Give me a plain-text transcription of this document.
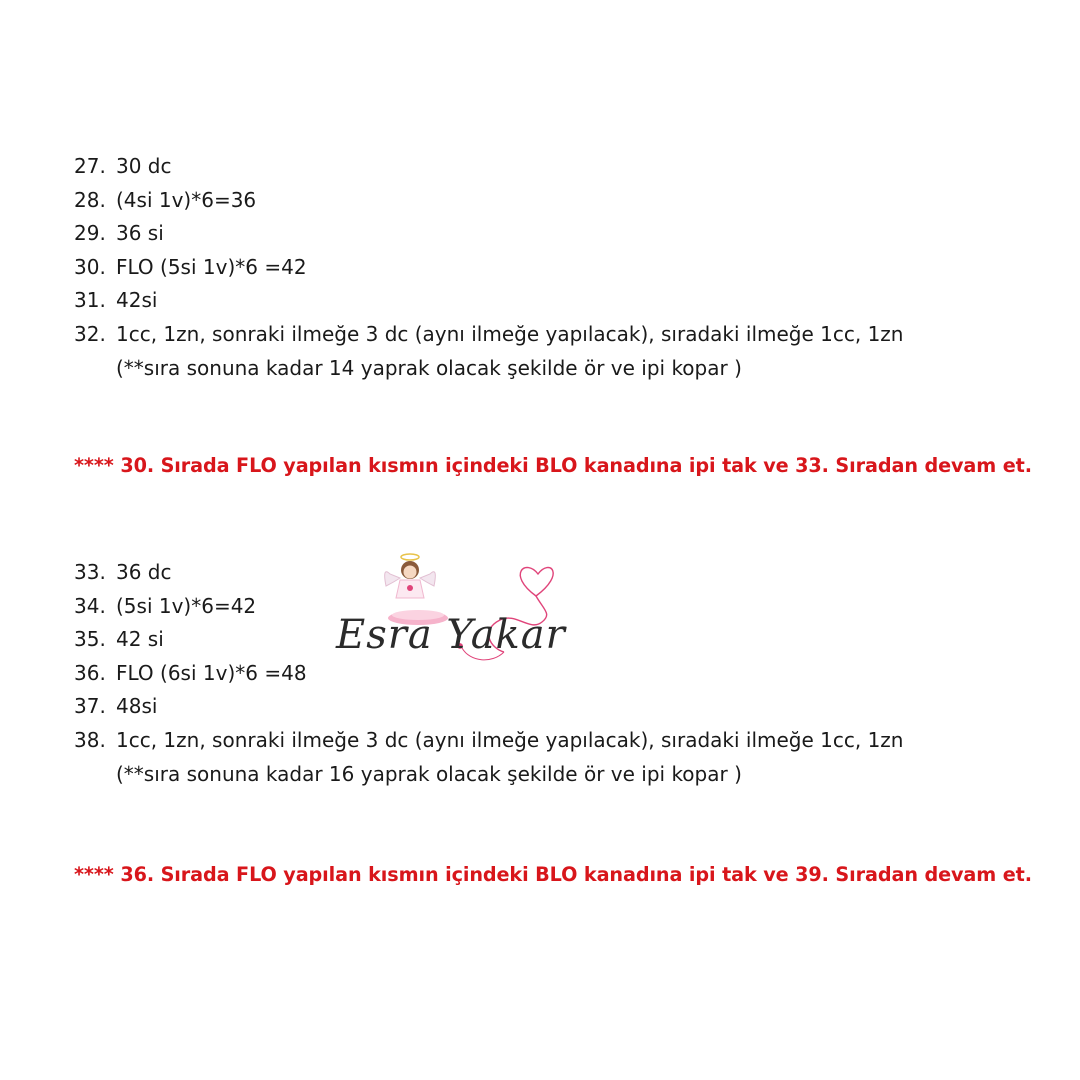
27. 30 dc
28. (4si 1v)*6=36
29. 36 si
30. FLO (5si 1v)*6 =42
31. 42si
32. 1cc, 1zn, sonraki ilmeğe 3 dc (aynı ilmeğe yapılacak), sıradaki ilmeğe 1cc, 1zn
(**sıra sonuna kadar 14 yaprak olacak şekilde ör ve ipi kopar )
**** 30. Sırada FLO yapılan kısmın içindeki BLO kanadına ipi tak ve 33. Sıradan devam et.
Esra Yakar
33. 36 dc
34. (5si 1v)*6=42
35. 42 si
36. FLO (6si 1v)*6 =48
37. 48si
38. 1cc, 1zn, sonraki ilmeğe 3 dc (aynı ilmeğe yapılacak), sıradaki ilmeğe 1cc, 1zn
(**sıra sonuna kadar 16 yaprak olacak şekilde ör ve ipi kopar )
**** 36. Sırada FLO yapılan kısmın içindeki BLO kanadına ipi tak ve 39. Sıradan devam et.
